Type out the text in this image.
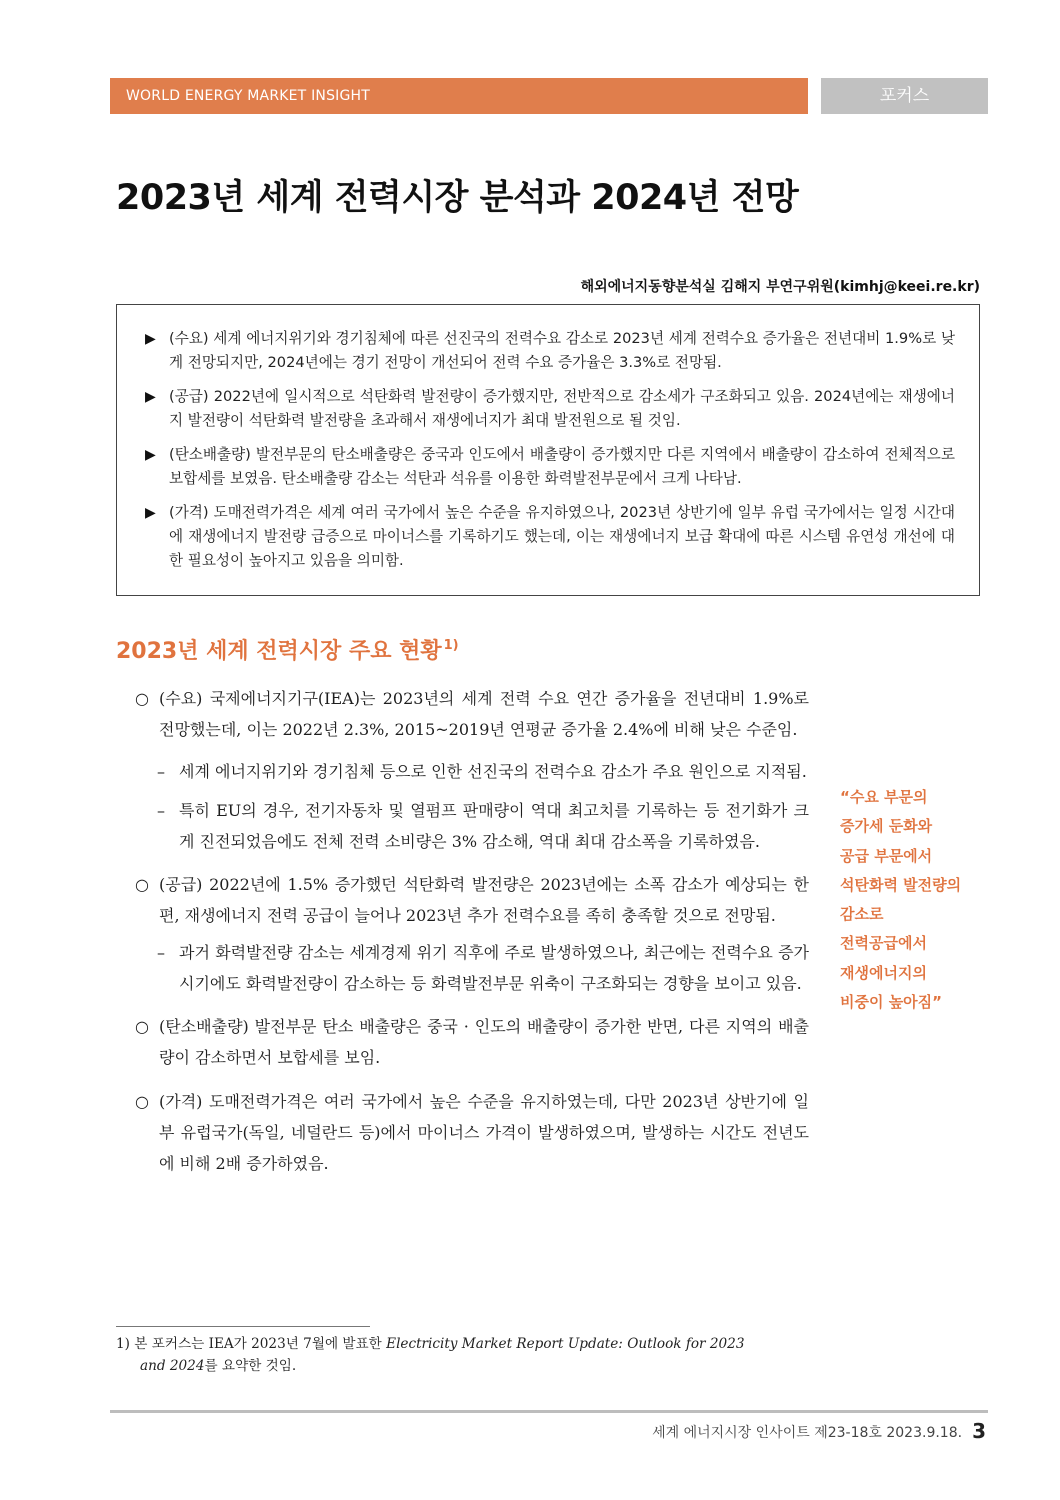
WORLD ENERGY MARKET INSIGHT	포커스
2023년 세계 전력시장 분석과 2024년 전망
해외에너지동향분석실 김해지 부연구위원(kimhj@keei.re.kr)
▶ (수요) 세계 에너지위기와 경기침체에 따른 선진국의 전력수요 감소로 2023년 세계 전력수요 증가율은 전년대비 1.9%로 낮게 전망되지만, 2024년에는 경기 전망이 개선되어 전력 수요 증가율은 3.3%로 전망됨.
▶ (공급) 2022년에 일시적으로 석탄화력 발전량이 증가했지만, 전반적으로 감소세가 구조화되고 있음. 2024년에는 재생에너지 발전량이 석탄화력 발전량을 초과해서 재생에너지가 최대 발전원으로 될 것임.
▶ (탄소배출량) 발전부문의 탄소배출량은 중국과 인도에서 배출량이 증가했지만 다른 지역에서 배출량이 감소하여 전체적으로 보합세를 보였음. 탄소배출량 감소는 석탄과 석유를 이용한 화력발전부문에서 크게 나타남.
▶ (가격) 도매전력가격은 세계 여러 국가에서 높은 수준을 유지하였으나, 2023년 상반기에 일부 유럽 국가에서는 일정 시간대에 재생에너지 발전량 급증으로 마이너스를 기록하기도 했는데, 이는 재생에너지 보급 확대에 따른 시스템 유연성 개선에 대한 필요성이 높아지고 있음을 의미함.
2023년 세계 전력시장 주요 현황 $^{1)}$
○ (수요) 국제에너지기구(IEA)는 2023년의 세계 전력 수요 연간 증가율을 전년대비 1.9%로 전망했는데, 이는 2022년 2.3%, 2015~2019년 연평균 증가율 2.4%에 비해 낮은 수준임.
– 세계 에너지위기와 경기침체 등으로 인한 선진국의 전력수요 감소가 주요 원인으로 지적됨.
– 특히 EU의 경우, 전기자동차 및 열펌프 판매량이 역대 최고치를 기록하는 등 전기화가 크게 진전되었음에도 전체 전력 소비량은 3% 감소해, 역대 최대 감소폭을 기록하였음.
○ (공급) 2022년에 1.5% 증가했던 석탄화력 발전량은 2023년에는 소폭 감소가 예상되는 한편, 재생에너지 전력 공급이 늘어나 2023년 추가 전력수요를 족히 충족할 것으로 전망됨.
– 과거 화력발전량 감소는 세계경제 위기 직후에 주로 발생하였으나, 최근에는 전력수요 증가 시기에도 화력발전량이 감소하는 등 화력발전부문 위축이 구조화되는 경향을 보이고 있음.
○ (탄소배출량) 발전부문 탄소 배출량은 중국 · 인도의 배출량이 증가한 반면, 다른 지역의 배출량이 감소하면서 보합세를 보임.
○ (가격) 도매전력가격은 여러 국가에서 높은 수준을 유지하였는데, 다만 2023년 상반기에 일부 유럽국가(독일, 네덜란드 등)에서 마이너스 가격이 발생하였으며, 발생하는 시간도 전년도에 비해 2배 증가하였음.
“수요 부문의
증가세 둔화와
공급 부문에서
석탄화력 발전량의
감소로
전력공급에서
재생에너지의
비중이 높아짐”
1) 본 포커스는 IEA가 2023년 7월에 발표한 Electricity Market Report Update: Outlook for 2023
and 2024를 요약한 것임.
세계 에너지시장 인사이트 제23-18호 2023.9.18. 3
